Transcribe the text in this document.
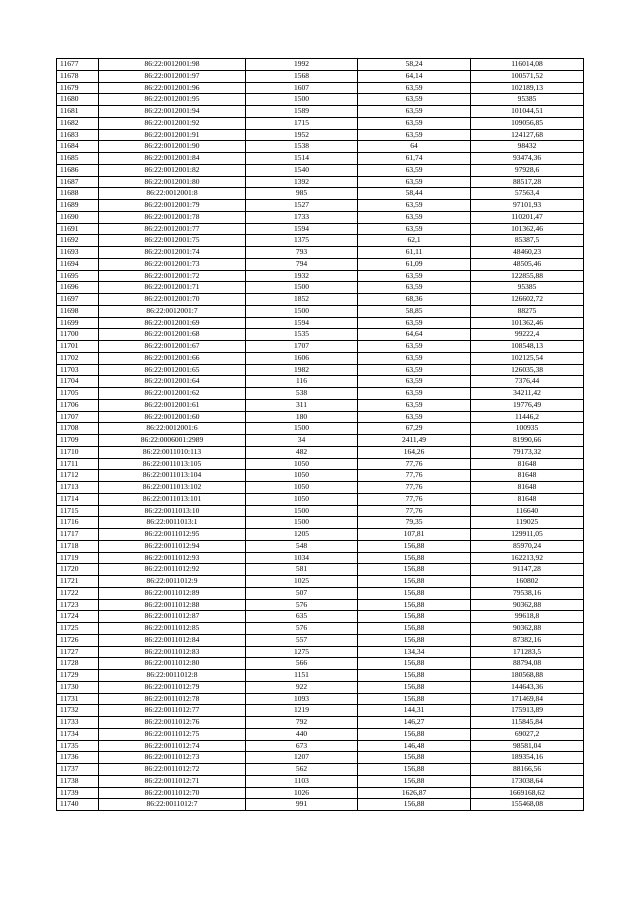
11677	86:22:0012001:98	1992	58,24	116014,08
11678	86:22:0012001:97	1568	64,14	100571,52
11679	86:22:0012001:96	1607	63,59	102189,13
11680	86:22:0012001:95	1500	63,59	95385
11681	86:22:0012001:94	1589	63,59	101044,51
11682	86:22:0012001:92	1715	63,59	109056,85
11683	86:22:0012001:91	1952	63,59	124127,68
11684	86:22:0012001:90	1538	64	98432
11685	86:22:0012001:84	1514	61,74	93474,36
11686	86:22:0012001:82	1540	63,59	97928,6
11687	86:22:0012001:80	1392	63,59	88517,28
11688	86:22:0012001:8	985	58,44	57563,4
11689	86:22:0012001:79	1527	63,59	97101,93
11690	86:22:0012001:78	1733	63,59	110201,47
11691	86:22:0012001:77	1594	63,59	101362,46
11692	86:22:0012001:75	1375	62,1	85387,5
11693	86:22:0012001:74	793	61,11	48460,23
11694	86:22:0012001:73	794	61,09	48505,46
11695	86:22:0012001:72	1932	63,59	122855,88
11696	86:22:0012001:71	1500	63,59	95385
11697	86:22:0012001:70	1852	68,36	126602,72
11698	86:22:0012001:7	1500	58,85	88275
11699	86:22:0012001:69	1594	63,59	101362,46
11700	86:22:0012001:68	1535	64,64	99222,4
11701	86:22:0012001:67	1707	63,59	108548,13
11702	86:22:0012001:66	1606	63,59	102125,54
11703	86:22:0012001:65	1982	63,59	126035,38
11704	86:22:0012001:64	116	63,59	7376,44
11705	86:22:0012001:62	538	63,59	34211,42
11706	86:22:0012001:61	311	63,59	19776,49
11707	86:22:0012001:60	180	63,59	11446,2
11708	86:22:0012001:6	1500	67,29	100935
11709	86:22:0006001:2989	34	2411,49	81990,66
11710	86:22:0011010:113	482	164,26	79173,32
11711	86:22:0011013:105	1050	77,76	81648
11712	86:22:0011013:104	1050	77,76	81648
11713	86:22:0011013:102	1050	77,76	81648
11714	86:22:0011013:101	1050	77,76	81648
11715	86:22:0011013:10	1500	77,76	116640
11716	86:22:0011013:1	1500	79,35	119025
11717	86:22:0011012:95	1205	107,81	129911,05
11718	86:22:0011012:94	548	156,88	85970,24
11719	86:22:0011012:93	1034	156,88	162213,92
11720	86:22:0011012:92	581	156,88	91147,28
11721	86:22:0011012:9	1025	156,88	160802
11722	86:22:0011012:89	507	156,88	79538,16
11723	86:22:0011012:88	576	156,88	90362,88
11724	86:22:0011012:87	635	156,88	99618,8
11725	86:22:0011012:85	576	156,88	90362,88
11726	86:22:0011012:84	557	156,88	87382,16
11727	86:22:0011012:83	1275	134,34	171283,5
11728	86:22:0011012:80	566	156,88	88794,08
11729	86:22:0011012:8	1151	156,88	180568,88
11730	86:22:0011012:79	922	156,88	144643,36
11731	86:22:0011012:78	1093	156,88	171469,84
11732	86:22:0011012:77	1219	144,31	175913,89
11733	86:22:0011012:76	792	146,27	115845,84
11734	86:22:0011012:75	440	156,88	69027,2
11735	86:22:0011012:74	673	146,48	98581,04
11736	86:22:0011012:73	1207	156,88	189354,16
11737	86:22:0011012:72	562	156,88	88166,56
11738	86:22:0011012:71	1103	156,88	173038,64
11739	86:22:0011012:70	1026	1626,87	1669168,62
11740	86:22:0011012:7	991	156,88	155468,08
